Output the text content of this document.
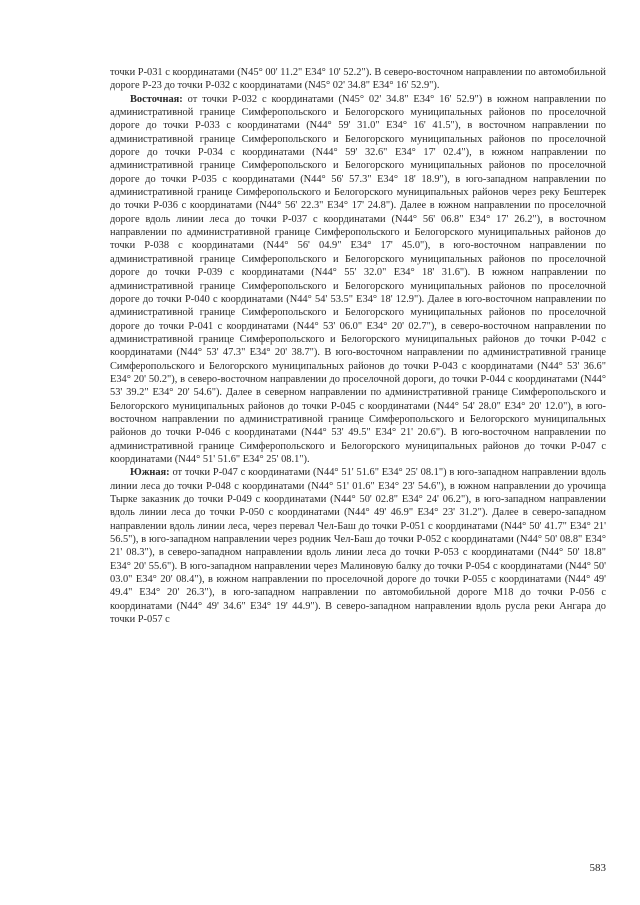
точки Р-031 с координатами (N45° 00' 11.2" E34° 10' 52.2"). В северо-восточном направлении по автомобильной дороге Р-23 до точки Р-032 с координатами (N45° 02' 34.8" E34° 16' 52.9").

Восточная: от точки Р-032 с координатами (N45° 02' 34.8" E34° 16' 52.9") в южном направлении по административной границе Симферопольского и Белогорского муниципальных районов по проселочной дороге до точки Р-033 с координатами (N44° 59' 31.0" E34° 16' 41.5"), в восточном направлении по административной границе Симферопольского и Белогорского муниципальных районов по проселочной дороге до точки Р-034 с координатами (N44° 59' 32.6" E34° 17' 02.4"), в южном направлении по административной границе Симферопольского и Белогорского муниципальных районов по проселочной дороге до точки Р-035 с координатами (N44° 56' 57.3" E34° 18' 18.9"), в юго-западном направлении по административной границе Симферопольского и Белогорского муниципальных районов через реку Бештерек до точки Р-036 с координатами (N44° 56' 22.3" E34° 17' 24.8"). Далее в южном направлении по проселочной дороге вдоль линии леса до точки Р-037 с координатами (N44° 56' 06.8" E34° 17' 26.2"), в восточном направлении по административной границе Симферопольского и Белогорского муниципальных районов до точки Р-038 с координатами (N44° 56' 04.9" E34° 17' 45.0"), в юго-восточном направлении по административной границе Симферопольского и Белогорского муниципальных районов по проселочной дороге до точки Р-039 с координатами (N44° 55' 32.0" E34° 18' 31.6"). В южном направлении по административной границе Симферопольского и Белогорского муниципальных районов по проселочной дороге до точки Р-040 с координатами (N44° 54' 53.5" E34° 18' 12.9"). Далее в юго-восточном направлении по административной границе Симферопольского и Белогорского муниципальных районов по проселочной дороге до точки Р-041 с координатами (N44° 53' 06.0" E34° 20' 02.7"), в северо-восточном направлении по административной границе Симферопольского и Белогорского муниципальных районов до точки Р-042 с координатами (N44° 53' 47.3" E34° 20' 38.7"). В юго-восточном направлении по административной границе Симферопольского и Белогорского муниципальных районов до точки Р-043 с координатами (N44° 53' 36.6" E34° 20' 50.2"), в северо-восточном направлении до проселочной дороги, до точки Р-044 с координатами (N44° 53' 39.2" E34° 20' 54.6"). Далее в северном направлении по административной границе Симферопольского и Белогорского муниципальных районов до точки Р-045 с координатами (N44° 54' 28.0" E34° 20' 12.0"), в юго-восточном направлении по административной границе Симферопольского и Белогорского муниципальных районов до точки Р-046 с координатами (N44° 53' 49.5" E34° 21' 20.6"). В юго-восточном направлении по административной границе Симферопольского и Белогорского муниципальных районов до точки Р-047 с координатами (N44° 51' 51.6" E34° 25' 08.1").

Южная: от точки Р-047 с координатами (N44° 51' 51.6" E34° 25' 08.1") в юго-западном направлении вдоль линии леса до точки Р-048 с координатами (N44° 51' 01.6" E34° 23' 54.6"), в южном направлении до урочища Тырке заказник до точки Р-049 с координатами (N44° 50' 02.8" E34° 24' 06.2"), в юго-западном направлении вдоль линии леса до точки Р-050 с координатами (N44° 49' 46.9" E34° 23' 31.2"). Далее в северо-западном направлении вдоль линии леса, через перевал Чел-Баш до точки Р-051 с координатами (N44° 50' 41.7" E34° 21' 56.5"), в юго-западном направлении через родник Чел-Баш до точки Р-052 с координатами (N44° 50' 08.8" E34° 21' 08.3"), в северо-западном направлении вдоль линии леса до точки Р-053 с координатами (N44° 50' 18.8" E34° 20' 55.6"). В юго-западном направлении через Малиновую балку до точки Р-054 с координатами (N44° 50' 03.0" E34° 20' 08.4"), в южном направлении по проселочной дороге до точки Р-055 с координатами (N44° 49' 49.4" E34° 20' 26.3"), в юго-западном направлении по автомобильной дороге М18 до точки Р-056 с координатами (N44° 49' 34.6" E34° 19' 44.9"). В северо-западном направлении вдоль русла реки Ангара до точки Р-057 с

583
